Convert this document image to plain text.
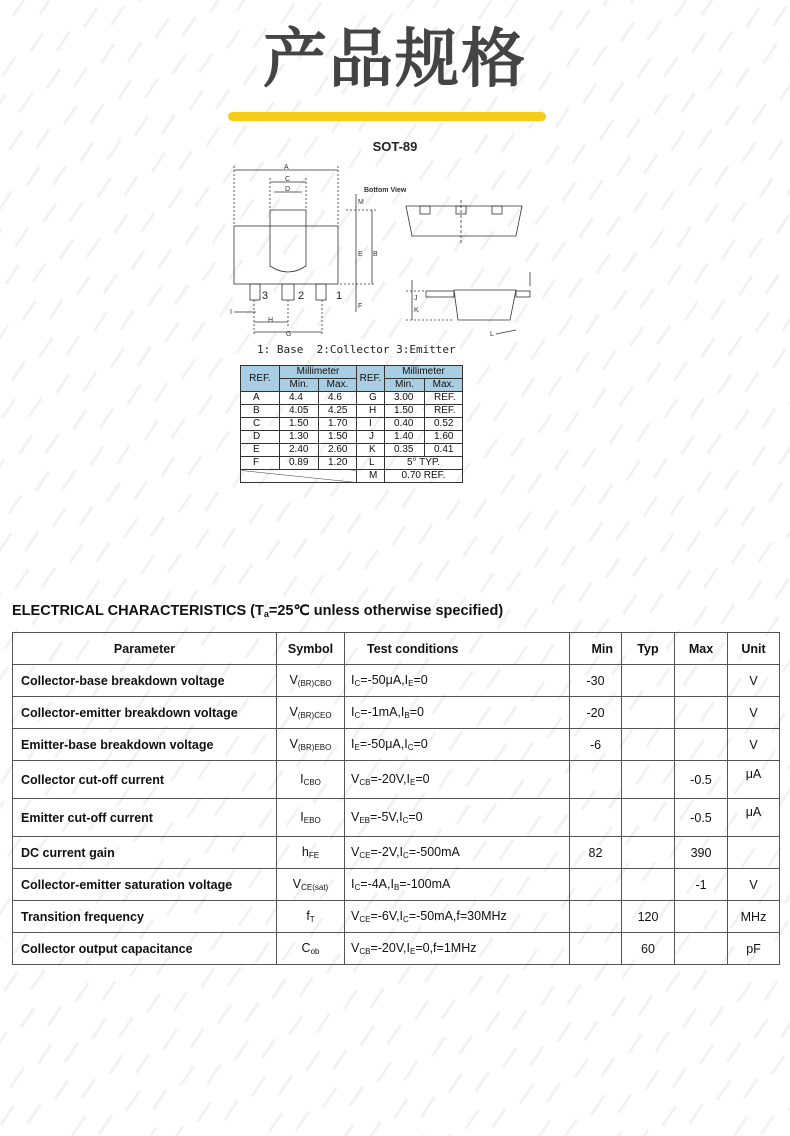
产品规格
SOT-89
Bottom View
A
C
D
M
E B
F
I
H
G
J
K
L
3	2	1
1: Base  2:Collector 3:Emitter
REF.	Millimeter		REF.	Millimeter
	Min.	Max.		Min.	Max.
A	4.4	4.6	G	3.00	REF.
B	4.05	4.25	H	1.50	REF.
C	1.50	1.70	I	0.40	0.52
D	1.30	1.50	J	1.40	1.60
E	2.40	2.60	K	0.35	0.41
F	0.89	1.20	L	5° TYP.	
			M	0.70 REF.	
ELECTRICAL CHARACTERISTICS ($T_a=25℃$ unless otherwise specified)
Parameter	Symbol	Test conditions	Min	Typ	Max	Unit
Collector-base breakdown voltage	$V_{(BR)CBO}$	$I_C=-50\mu A,I_E=0$	-30			V
Collector-emitter breakdown voltage	$V_{(BR)CEO}$	$I_C=-1mA,I_B=0$	-20			V
Emitter-base breakdown voltage	$V_{(BR)EBO}$	$I_E=-50\mu A,I_C=0$	-6			V
Collector cut-off current	$I_{CBO}$	$V_{CB}=-20V,I_E=0$			-0.5	μA
Emitter cut-off current	$I_{EBO}$	$V_{EB}=-5V,I_C=0$			-0.5	μA
DC current gain	$h_{FE}$	$V_{CE}=-2V,I_C=-500mA$	82		390	
Collector-emitter saturation voltage	$V_{CE(sat)}$	$I_C=-4A,I_B=-100mA$			-1	V
Transition frequency	$f_T$	$V_{CE}=-6V,I_C=-50mA,f=30MHz$		120		MHz
Collector output capacitance	$C_{ob}$	$V_{CB}=-20V,I_E=0,f=1MHz$		60		pF
